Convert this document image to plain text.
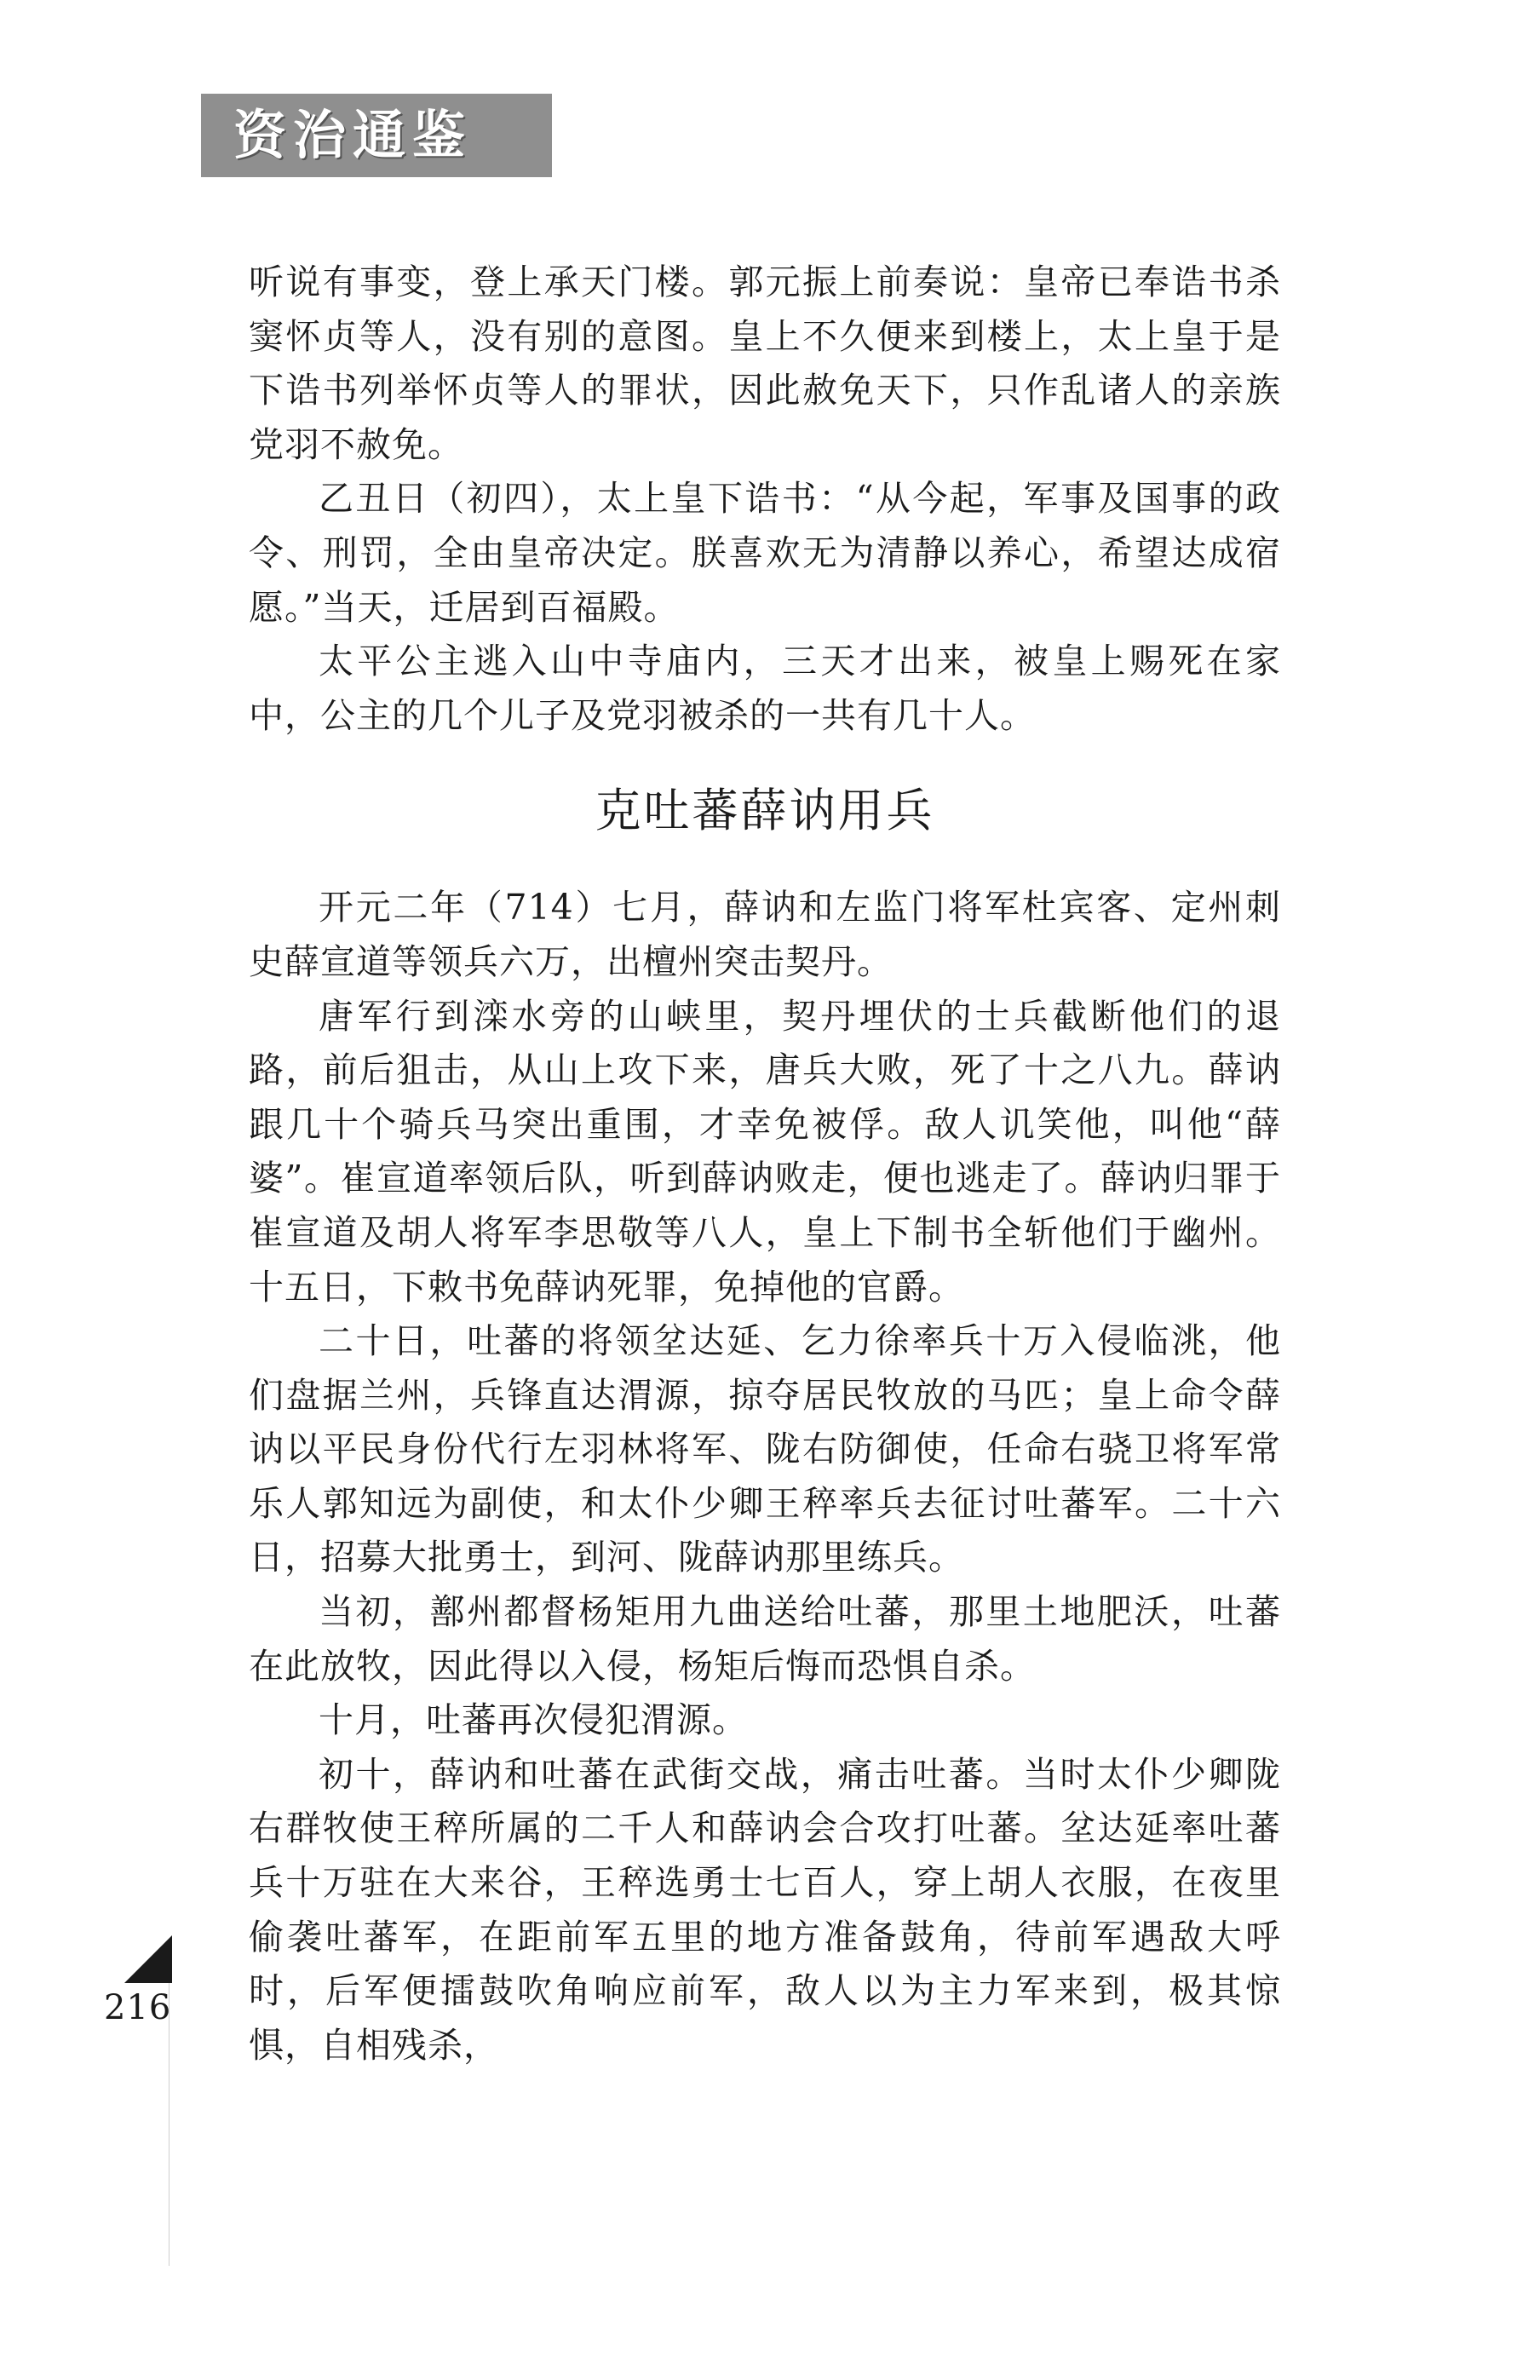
资治通鉴

听说有事变，登上承天门楼。郭元振上前奏说：皇帝已奉诰书杀窦怀贞等人，没有别的意图。皇上不久便来到楼上，太上皇于是下诰书列举怀贞等人的罪状，因此赦免天下，只作乱诸人的亲族党羽不赦免。

乙丑日（初四），太上皇下诰书：“从今起，军事及国事的政令、刑罚，全由皇帝决定。朕喜欢无为清静以养心，希望达成宿愿。”当天，迁居到百福殿。

太平公主逃入山中寺庙内，三天才出来，被皇上赐死在家中，公主的几个儿子及党羽被杀的一共有几十人。

克吐蕃薛讷用兵

开元二年（714）七月，薛讷和左监门将军杜宾客、定州刺史薛宣道等领兵六万，出檀州突击契丹。

唐军行到滦水旁的山峡里，契丹埋伏的士兵截断他们的退路，前后狙击，从山上攻下来，唐兵大败，死了十之八九。薛讷跟几十个骑兵马突出重围，才幸免被俘。敌人讥笑他，叫他“薛婆”。崔宣道率领后队，听到薛讷败走，便也逃走了。薛讷归罪于崔宣道及胡人将军李思敬等八人，皇上下制书全斩他们于幽州。十五日，下敕书免薛讷死罪，免掉他的官爵。

二十日，吐蕃的将领坌达延、乞力徐率兵十万入侵临洮，他们盘据兰州，兵锋直达渭源，掠夺居民牧放的马匹；皇上命令薛讷以平民身份代行左羽林将军、陇右防御使，任命右骁卫将军常乐人郭知远为副使，和太仆少卿王稡率兵去征讨吐蕃军。二十六日，招募大批勇士，到河、陇薛讷那里练兵。

当初，鄯州都督杨矩用九曲送给吐蕃，那里土地肥沃，吐蕃在此放牧，因此得以入侵，杨矩后悔而恐惧自杀。

十月，吐蕃再次侵犯渭源。

初十，薛讷和吐蕃在武街交战，痛击吐蕃。当时太仆少卿陇右群牧使王稡所属的二千人和薛讷会合攻打吐蕃。坌达延率吐蕃兵十万驻在大来谷，王稡选勇士七百人，穿上胡人衣服，在夜里偷袭吐蕃军，在距前军五里的地方准备鼓角，待前军遇敌大呼时，后军便擂鼓吹角响应前军，敌人以为主力军来到，极其惊惧，自相残杀，

216
